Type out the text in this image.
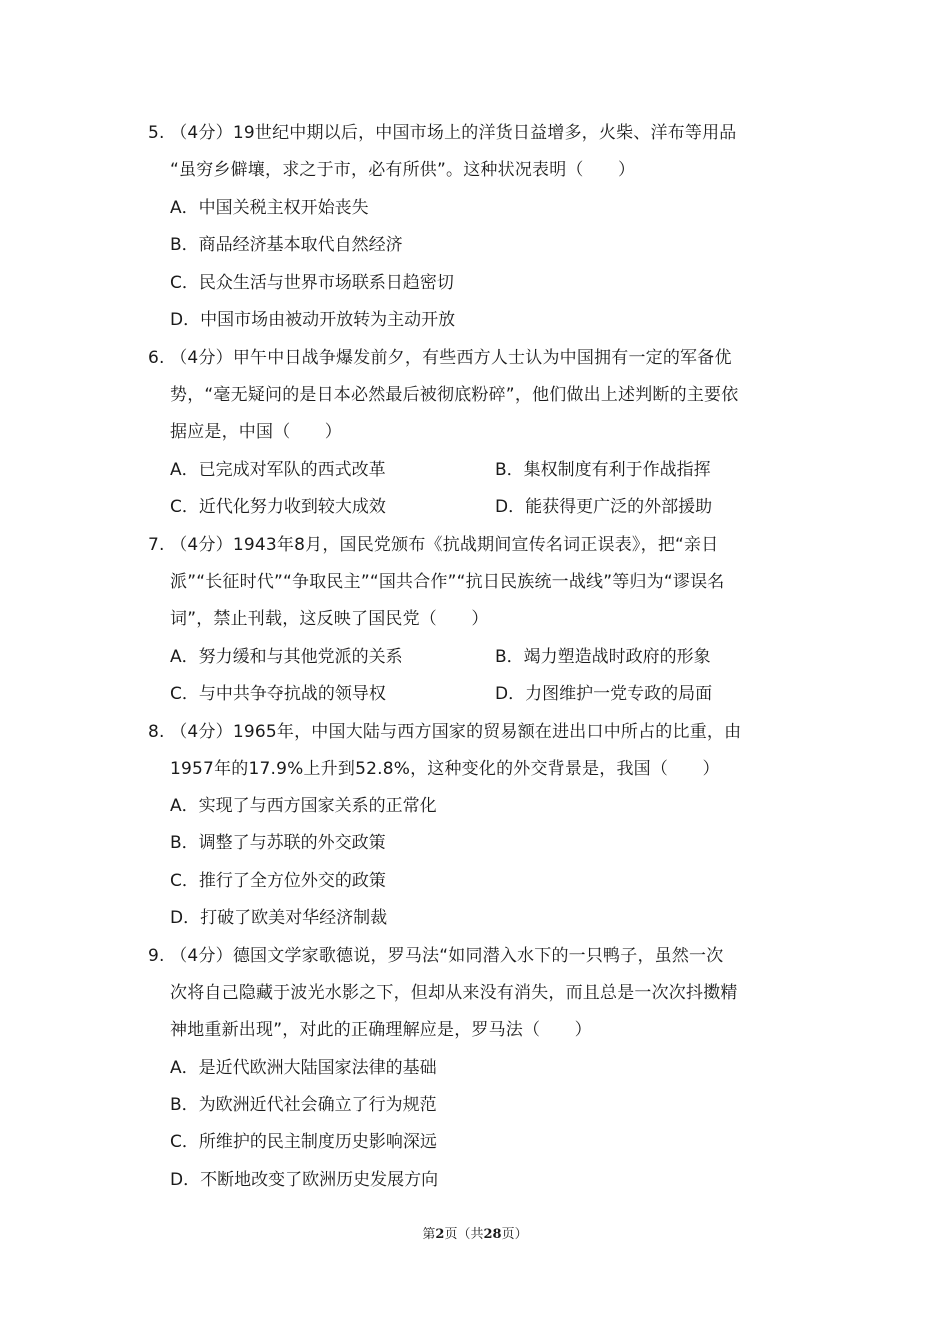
5. （4分）19世纪中期以后，中国市场上的洋货日益增多，火柴、洋布等用品
“虽穷乡僻壤，求之于市，必有所供”。这种状况表明（　　）
A．中国关税主权开始丧失
B．商品经济基本取代自然经济
C．民众生活与世界市场联系日趋密切
D．中国市场由被动开放转为主动开放
6. （4分）甲午中日战争爆发前夕，有些西方人士认为中国拥有一定的军备优
势，“毫无疑问的是日本必然最后被彻底粉碎”，他们做出上述判断的主要依
据应是，中国（　　）
A．已完成对军队的西式改革	B．集权制度有利于作战指挥
C．近代化努力收到较大成效	D．能获得更广泛的外部援助
7. （4分）1943年8月，国民党颁布《抗战期间宣传名词正误表》，把“亲日
派”“长征时代”“争取民主”“国共合作”“抗日民族统一战线”等归为“谬误名
词”，禁止刊载，这反映了国民党（　　）
A．努力缓和与其他党派的关系	B．竭力塑造战时政府的形象
C．与中共争夺抗战的领导权	D．力图维护一党专政的局面
8. （4分）1965年，中国大陆与西方国家的贸易额在进出口中所占的比重，由
1957年的17.9%上升到52.8%，这种变化的外交背景是，我国（　　）
A．实现了与西方国家关系的正常化
B．调整了与苏联的外交政策
C．推行了全方位外交的政策
D．打破了欧美对华经济制裁
9. （4分）德国文学家歌德说，罗马法“如同潜入水下的一只鸭子，虽然一次
次将自己隐藏于波光水影之下，但却从来没有消失，而且总是一次次抖擞精
神地重新出现”，对此的正确理解应是，罗马法（　　）
A．是近代欧洲大陆国家法律的基础
B．为欧洲近代社会确立了行为规范
C．所维护的民主制度历史影响深远
D．不断地改变了欧洲历史发展方向
第2页（共28页）
